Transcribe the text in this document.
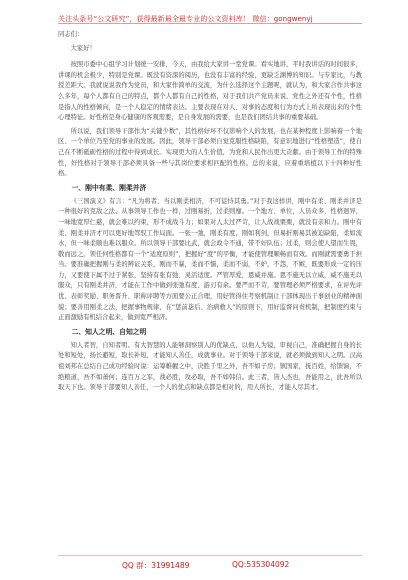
关注头条号“公文研究”，获得最新最全最专业的公文资料库！ 微信：gongwenyj

同志们：

大家好！

按照市委中心组学习计划统一安排，今天，由我给大家讲一堂党课。看实地讲，平时我讲话的时间很多，讲课的机会极少，特别是党课。既没有资深的阅历，也没有丰富的经验，更缺乏渊博的知识。与专家比，与教授差距大。我就说说我作为党员，和大家作简单的交流，为什么选择这个主题呢，就认为，和大家合作共事这么多年，每个人都有自己的特点，都个人都有自己的性格，对于我们共产党员来说，党性之外还有个性，性格是指人的性格倾向，是一个人稳定的情绪表达。主要表现在对人、对事的态度和行为方式上所表现出来的个性心理特征。好性格是身心健康的客观需要，是自身发展的需要，也是我们团结共事的重要基础。

所以说，我们领导干部作为“关键少数”，其性格好坏不仅影响个人的发展，也在某种程度上影响着一个地区、一个单位乃至党的事业的发展。因此，领导干部必须自觉克服性格缺陷，有意识地进行“性格塑造”，使自己在不断砥砺性格的过程中得到成长。实现更大的人生价值，为党和人民作出更大贡献。由于领导工作的特殊性，好性格对于领导干部必须具备一些与其岗位要求相匹配的性格。总的来说，应着重培植以下十四种好性格。

一、刚中有柔、刚柔并济

《三国演义》有言：“凡为将者，当以刚柔相济，不可徒恃其勇。”对于我这样讲，刚中有柔、刚柔并济是一种很好的克敌之法。从事领导工作也一样，过刚易折，过柔则靡。一个地方、单位，人员众多，性格迥异，一味地宽厚仁慈，就会难以约束，形不成战斗力；如果对人太过严苛，让人战战栗栗，就没有亲和力。刚中有柔、刚柔并济才可以更好地驾驭工作局面。一张一弛，刚柔有度，刚如利剑，但易折刚易其被迫缺陷，柔如流水，但一味柔顺也难以服众。所以领导干部要比武，就会政令不通，带不好队伍；过柔，则会使人望而生畏，敬而远之。领任何性格都有一个“适度原则”，把握好“度”的平衡，才能使管理顺畅而有效。而刚就需要勇于担当。要准确把握刚与柔的辨证关系，刚而不暴，柔而不懦，柔而不弱，不妒，不怨，不嫉，既要形成一定的压力，又要使下属不过于紧张，坚持有张有弛、灵活适度。严管厚爱，恩威并施。恩不施无以立威，威不施无以服众，只有刚柔并济，才能在工作中做到张弛有度、游刃有余。要严而不苛，要管理必须严格要求，在评先评优、表彰奖励、职务晋升、职称评聘等方面要公正合理，用好管得住考察机制让干部体现出干事创业的精神面貌；要善用刚柔之法，把握事物规律，在“惩前毖后、治病救人”的原则下，用好监督问责机制，把制度约束与正面激励有机结合起来，做到宽严相济。

二、知人之明、自知之明

知人者智，自知者明。有大智慧的人能够洞察别人的优缺点，以他人为镜，审视自己，准确把握自身的长处和短处，扬长避短，取长补短，才能知人善任，成就事业。对于领导干部来说，就必须做到知人之明。汉高祖刘邦在总结自己成功经验时说：运筹帷幄之中，决胜千里之外，吾不如子房；镇国家，抚百姓，给馈饷，不绝粮道，吾不如萧何；连百万之军，战必胜，攻必取，吾不如韩信。此三者，皆人杰也，吾能用之，此吾所以取天下也。领导干部要知人善任，一个人的优点和缺点都是相对的，用人所长，才能人尽其才。

QQ 群：31991489	QQ:535304092
